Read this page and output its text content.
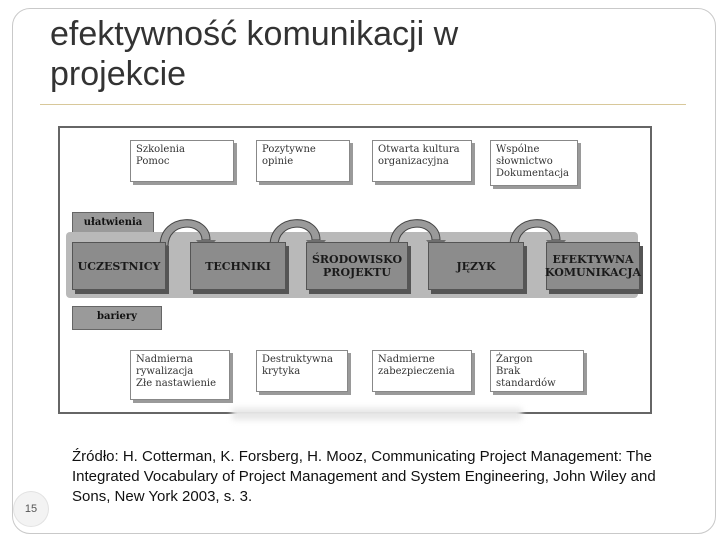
efektywność komunikacji w
projekcie
Szkolenia
Pomoc
Pozytywne
opinie
Otwarta kultura
organizacyjna
Wspólne
słownictwo
Dokumentacja
ułatwienia
bariery
UCZESTNICY	TECHNIKI	ŚRODOWISKO
PROJEKTU	JĘZYK	EFEKTYWNA
KOMUNIKACJA
Nadmierna
rywalizacja
Złe nastawienie
Destruktywna
krytyka
Nadmierne
zabezpieczenia
Żargon
Brak standardów
Źródło: H. Cotterman, K. Forsberg, H. Mooz, Communicating Project Management: The Integrated Vocabulary of Project Management and System Engineering, John Wiley and Sons, New York 2003, s. 3.
15
